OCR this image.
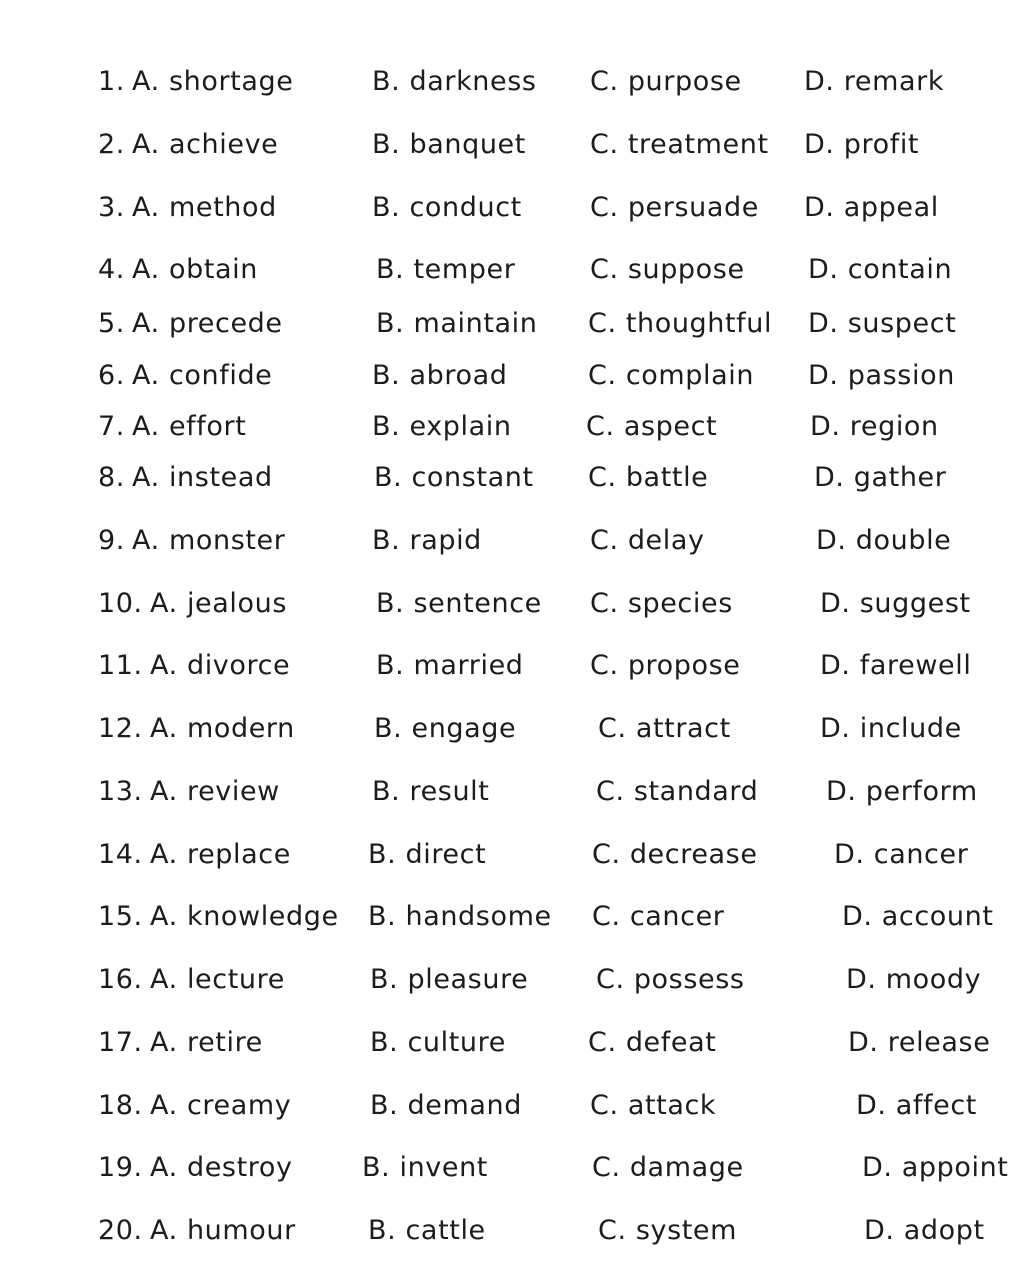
1. A. shortage	B. darkness C. purpose D. remark
2. A. achieve	B. banquet C. treatment D. profit
3. A. method	B. conduct	C. persuade D. appeal
4. A. obtain	B. temper	C. suppose D. contain
5. A. precede	B. maintain C. thoughtful D. suspect
6. A. confide	B. abroad	C. complain D. passion
7. A. effort	B. explain	C. aspect	D. region
8. A. instead	B. constant C. battle	D. gather
9. A. monster	B. rapid	C. delay	D. double
10. A. jealous	B. sentence C. species	D. suggest
11. A. divorce	B. married C. propose	D. farewell
12. A. modern	B. engage	C. attract	D. include
13. A. review	B. result	C. standard	D. perform
14. A. replace	B. direct	C. decrease	D. cancer
15. A. knowledge B. handsome C. cancer	D. account
16. A. lecture	B. pleasure	C. possess	D. moody
17. A. retire	B. culture	C. defeat	D. release
18. A. creamy	B. demand	C. attack	D. affect
19. A. destroy	B. invent	C. damage	D. appoint
20. A. humour	B. cattle	C. system	D. adopt
